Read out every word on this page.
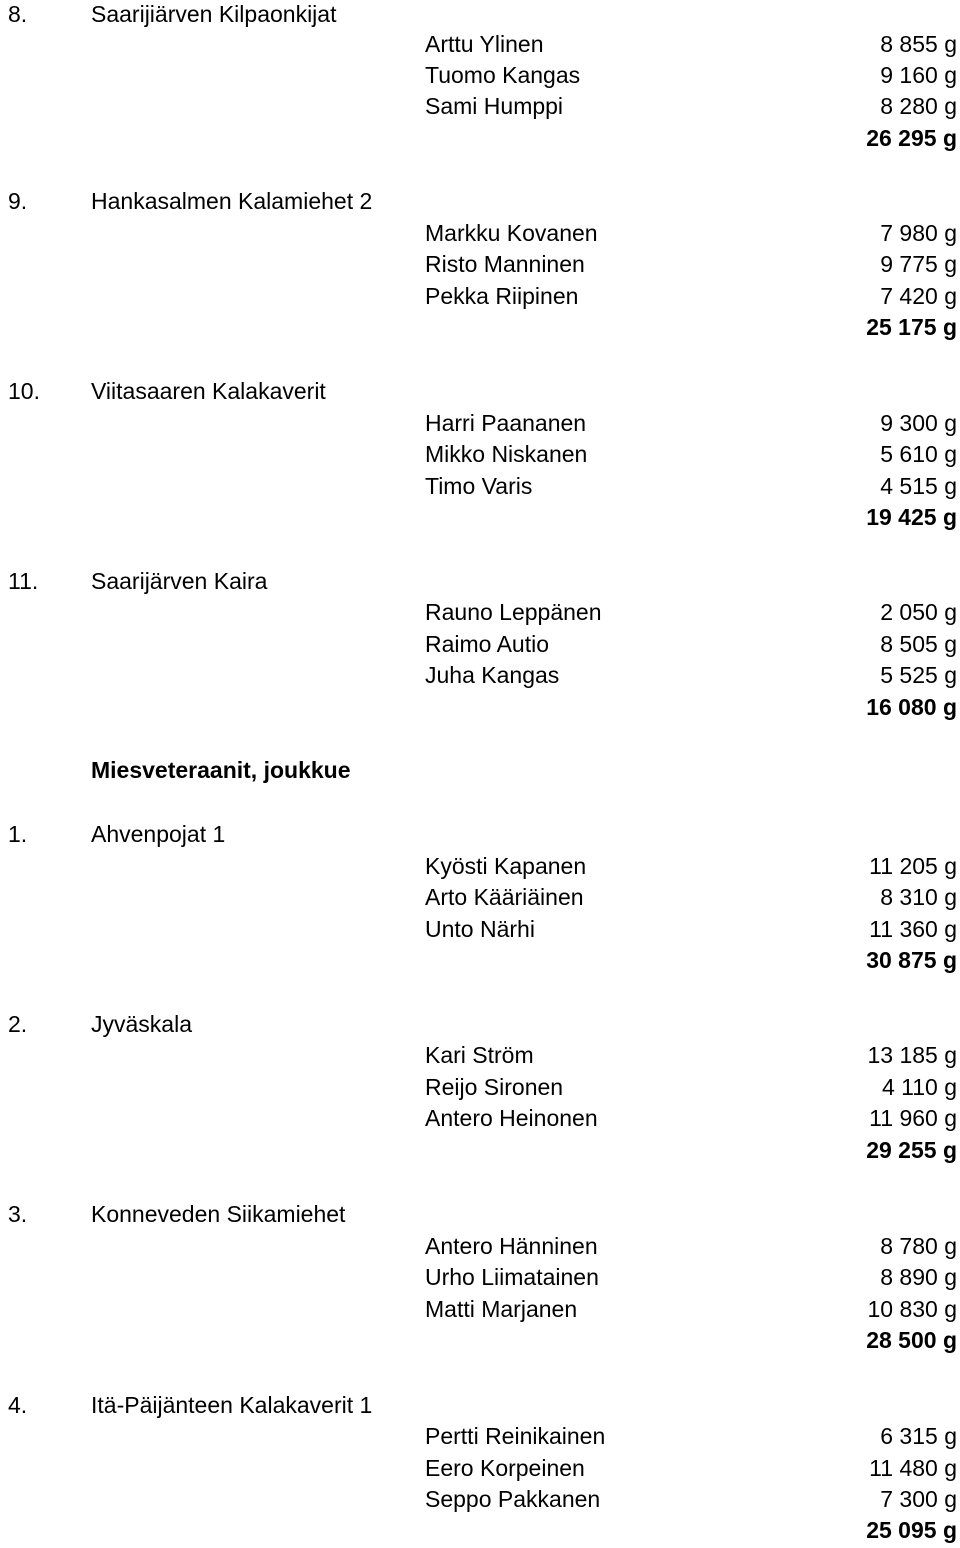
8.	Saarijiärven Kilpaonkijat
Arttu Ylinen	8 855 g
Tuomo Kangas	9 160 g
Sami Humppi	8 280 g
26 295 g
9.	Hankasalmen Kalamiehet 2
Markku Kovanen	7 980 g
Risto Manninen	9 775 g
Pekka Riipinen	7 420 g
25 175 g
10. Viitasaaren Kalakaverit
Harri Paananen	9 300 g
Mikko Niskanen	5 610 g
Timo Varis	4 515 g
19 425 g
11. Saarijärven Kaira
Rauno Leppänen	2 050 g
Raimo Autio	8 505 g
Juha Kangas	5 525 g
16 080 g
Miesveteraanit, joukkue
1.	Ahvenpojat 1
Kyösti Kapanen	11 205 g
Arto Kääriäinen	8 310 g
Unto Närhi	11 360 g
30 875 g
2.	Jyväskala
Kari Ström	13 185 g
Reijo Sironen	4 110 g
Antero Heinonen	11 960 g
29 255 g
3.	Konneveden Siikamiehet
Antero Hänninen	8 780 g
Urho Liimatainen	8 890 g
Matti Marjanen	10 830 g
28 500 g
4.	Itä-Päijänteen Kalakaverit 1
Pertti Reinikainen	6 315 g
Eero Korpeinen	11 480 g
Seppo Pakkanen	7 300 g
25 095 g
